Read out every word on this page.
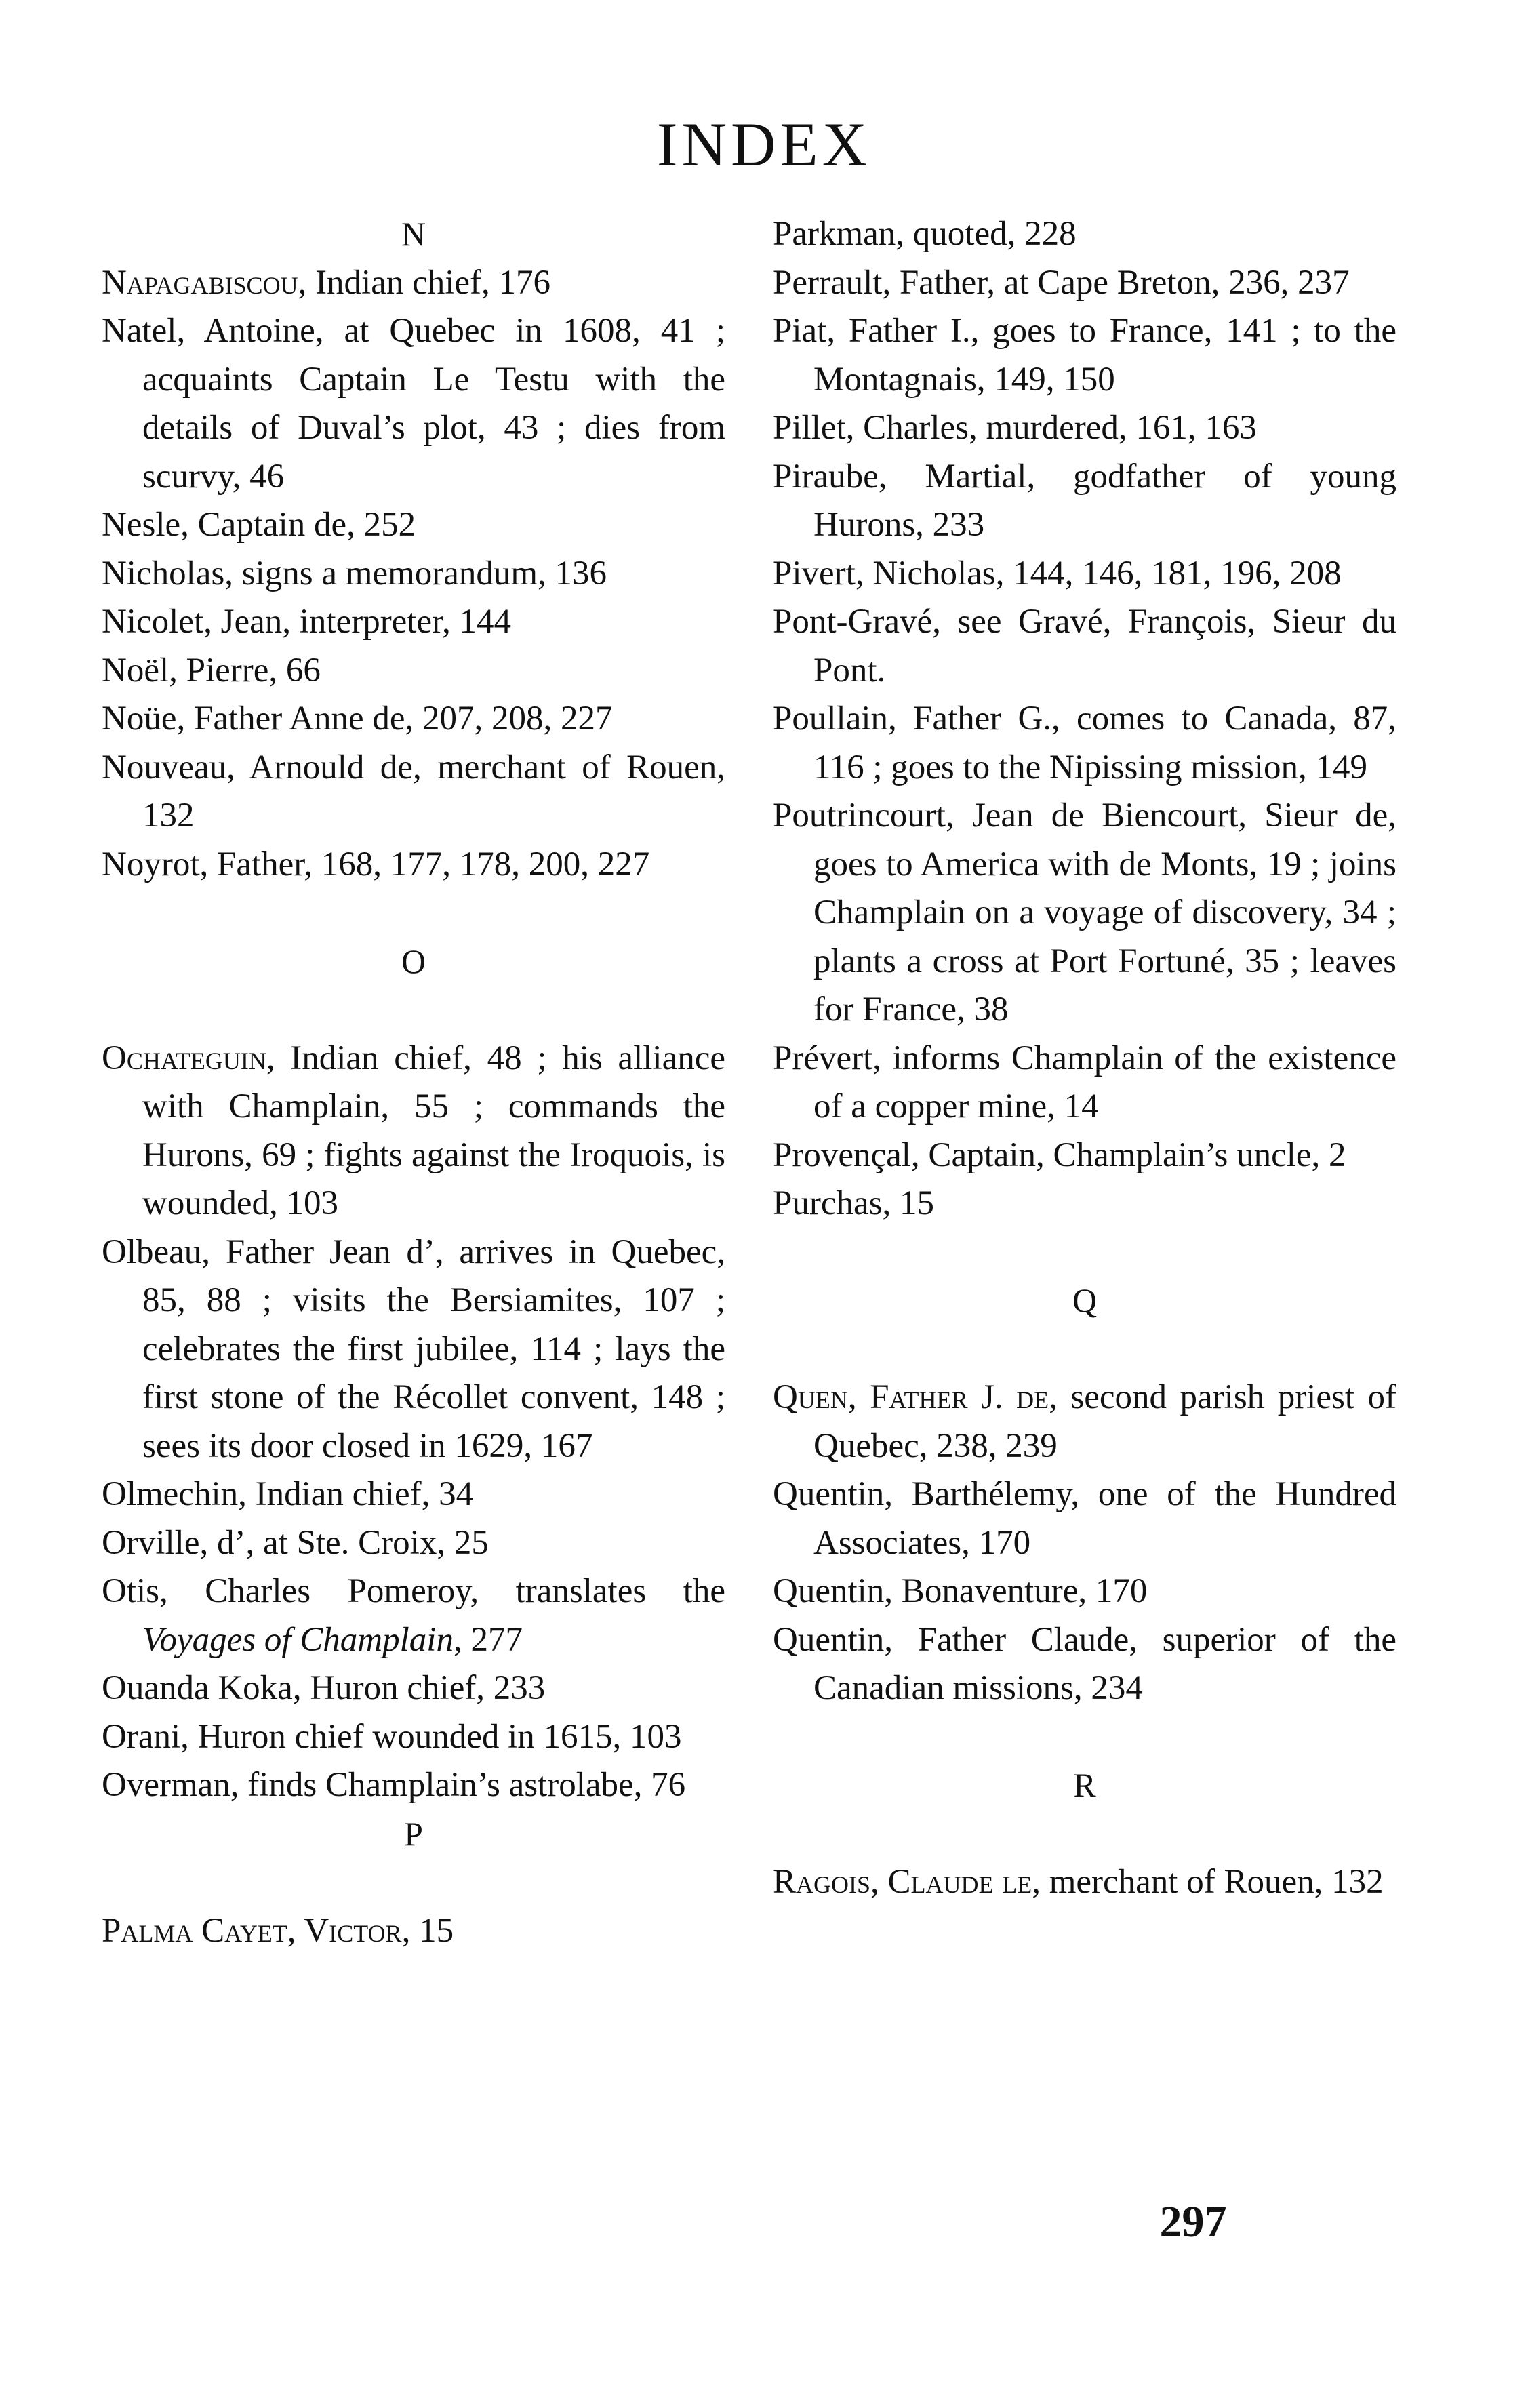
INDEX
N
Napagabiscou, Indian chief, 176
Natel, Antoine, at Quebec in 1608, 41 ; acquaints Captain Le Testu with the details of Duval’s plot, 43 ; dies from scurvy, 46
Nesle, Captain de, 252
Nicholas, signs a memorandum, 136
Nicolet, Jean, interpreter, 144
Noël, Pierre, 66
Noüe, Father Anne de, 207, 208, 227
Nouveau, Arnould de, merchant of Rouen, 132
Noyrot, Father, 168, 177, 178, 200, 227
O
Ochateguin, Indian chief, 48 ; his alliance with Champlain, 55 ; commands the Hurons, 69 ; fights against the Iroquois, is wounded, 103
Olbeau, Father Jean d’, arrives in Quebec, 85, 88 ; visits the Bersiamites, 107 ; celebrates the first jubilee, 114 ; lays the first stone of the Récollet convent, 148 ; sees its door closed in 1629, 167
Olmechin, Indian chief, 34
Orville, d’, at Ste. Croix, 25
Otis, Charles Pomeroy, translates the Voyages of Champlain, 277
Ouanda Koka, Huron chief, 233
Orani, Huron chief wounded in 1615, 103
Overman, finds Champlain’s astrolabe, 76
P
Palma Cayet, Victor, 15
Parkman, quoted, 228
Perrault, Father, at Cape Breton, 236, 237
Piat, Father I., goes to France, 141 ; to the Montagnais, 149, 150
Pillet, Charles, murdered, 161, 163
Piraube, Martial, godfather of young Hurons, 233
Pivert, Nicholas, 144, 146, 181, 196, 208
Pont-Gravé, see Gravé, François, Sieur du Pont.
Poullain, Father G., comes to Canada, 87, 116 ; goes to the Nipissing mission, 149
Poutrincourt, Jean de Biencourt, Sieur de, goes to America with de Monts, 19 ; joins Champlain on a voyage of discovery, 34 ; plants a cross at Port Fortuné, 35 ; leaves for France, 38
Prévert, informs Champlain of the existence of a copper mine, 14
Provençal, Captain, Champlain’s uncle, 2
Purchas, 15
Q
Quen, Father J. de, second parish priest of Quebec, 238, 239
Quentin, Barthélemy, one of the Hundred Associates, 170
Quentin, Bonaventure, 170
Quentin, Father Claude, superior of the Canadian missions, 234
R
Ragois, Claude le, merchant of Rouen, 132
297
